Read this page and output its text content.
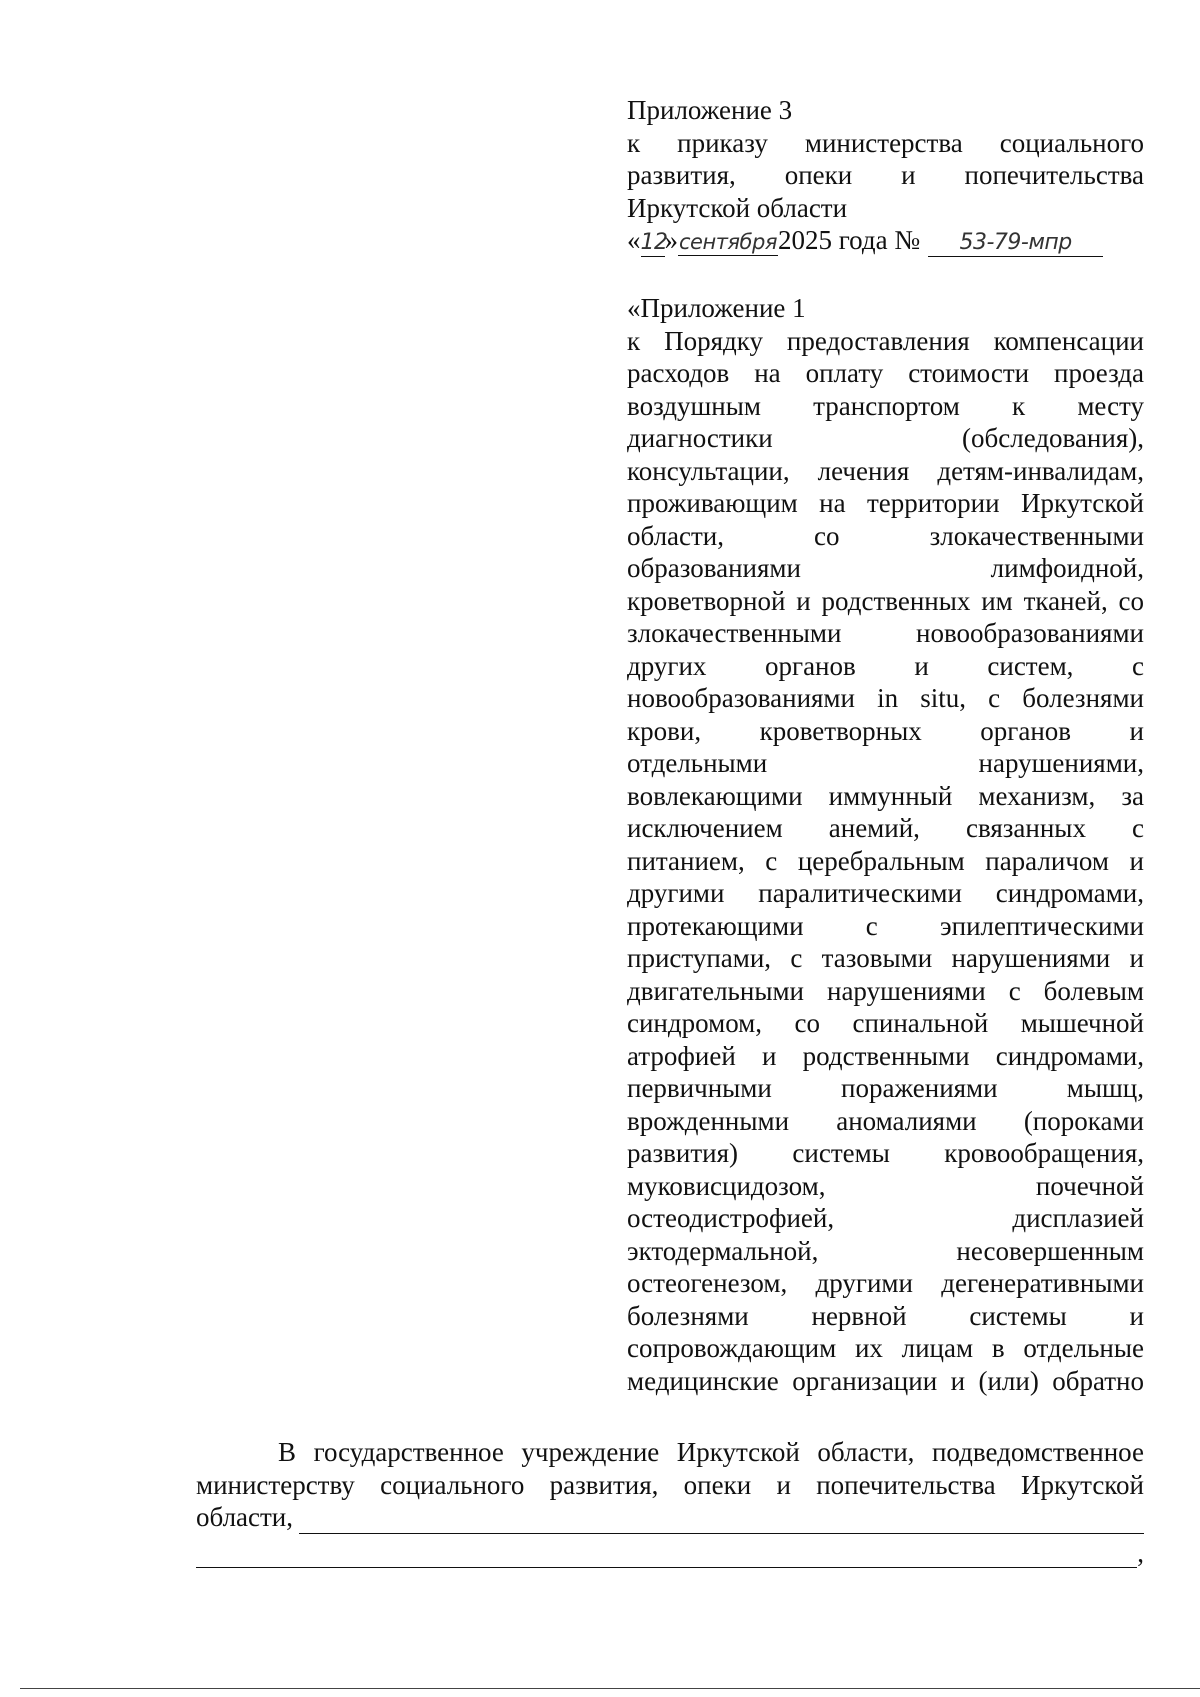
Приложение 3
к приказу министерства социального
развития, опеки и попечительства
Иркутской области
«12»сентября2025 года № 53-79-мпр
«Приложение 1
к Порядку предоставления компенсации
расходов на оплату стоимости проезда
воздушным транспортом к месту
диагностики (обследования),
консультации, лечения детям-инвалидам,
проживающим на территории Иркутской
области, со злокачественными
образованиями лимфоидной,
кроветворной и родственных им тканей, со
злокачественными новообразованиями
других органов и систем, с
новообразованиями in situ, с болезнями
крови, кроветворных органов и
отдельными нарушениями,
вовлекающими иммунный механизм, за
исключением анемий, связанных с
питанием, с церебральным параличом и
другими паралитическими синдромами,
протекающими с эпилептическими
приступами, с тазовыми нарушениями и
двигательными нарушениями с болевым
синдромом, со спинальной мышечной
атрофией и родственными синдромами,
первичными поражениями мышц,
врожденными аномалиями (пороками
развития) системы кровообращения,
муковисцидозом, почечной
остеодистрофией, дисплазией
эктодермальной, несовершенным
остеогенезом, другими дегенеративными
болезнями нервной системы и
сопровождающим их лицам в отдельные
медицинские организации и (или) обратно
В государственное учреждение Иркутской области, подведомственное
министерству социального развития, опеки и попечительства Иркутской
области,
,
